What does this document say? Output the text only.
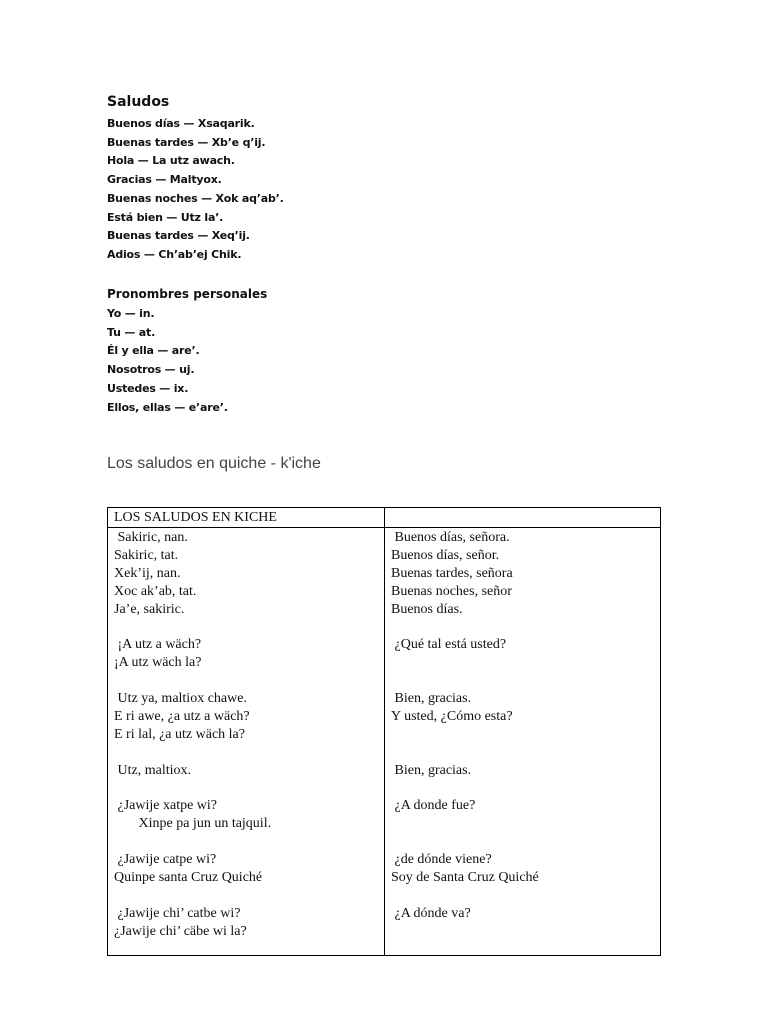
Saludos
Buenos días — Xsaqarik.
Buenas tardes — Xb’e q’ij.
Hola — La utz awach.
Gracias — Maltyox.
Buenas noches — Xok aq’ab’.
Está bien — Utz la’.
Buenas tardes — Xeq’ij.
Adios — Ch’ab’ej Chik.
Pronombres personales
Yo — in.
Tu — at.
Él y ella — are’.
Nosotros — uj.
Ustedes — ix.
Ellos, ellas — e’are’.
Los saludos en quiche - k'iche
LOS SALUDOS EN KICHE
Sakiric, nan.
Sakiric, tat.
Xek’ij, nan.
Xoc ak’ab, tat.
Ja’e, sakiric.
¡A utz a wäch?
¡A utz wäch la?
Utz ya, maltiox chawe.
E ri awe, ¿a utz a wäch?
E ri lal, ¿a utz wäch la?
Utz, maltiox.
¿Jawije xatpe wi?
Xinpe pa jun un tajquil.
¿Jawije catpe wi?
Quinpe santa Cruz Quiché
¿Jawije chi’ catbe wi?
¿Jawije chi’ cäbe wi la?
Buenos días, señora.
Buenos días, señor.
Buenas tardes, señora
Buenas noches, señor
Buenos días.
¿Qué tal está usted?
Bien, gracias.
Y usted, ¿Cómo esta?
Bien, gracias.
¿A donde fue?
¿de dónde viene?
Soy de Santa Cruz Quiché
¿A dónde va?
